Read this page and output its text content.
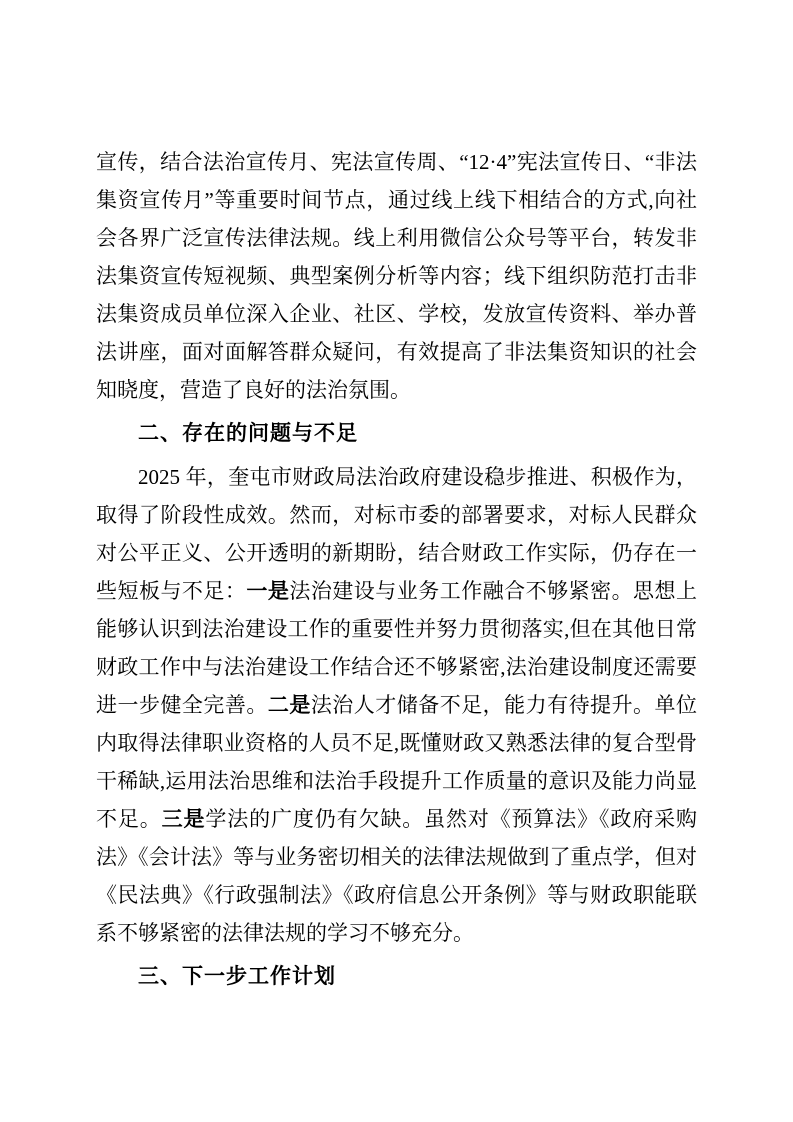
宣传，结合法治宣传月、宪法宣传周、“12·4”宪法宣传日、“非法集资宣传月”等重要时间节点，通过线上线下相结合的方式,向社会各界广泛宣传法律法规。线上利用微信公众号等平台，转发非法集资宣传短视频、典型案例分析等内容；线下组织防范打击非法集资成员单位深入企业、社区、学校，发放宣传资料、举办普法讲座，面对面解答群众疑问，有效提高了非法集资知识的社会知晓度，营造了良好的法治氛围。

二、存在的问题与不足

2025 年，奎屯市财政局法治政府建设稳步推进、积极作为，取得了阶段性成效。然而，对标市委的部署要求，对标人民群众对公平正义、公开透明的新期盼，结合财政工作实际，仍存在一些短板与不足：一是法治建设与业务工作融合不够紧密。思想上能够认识到法治建设工作的重要性并努力贯彻落实,但在其他日常财政工作中与法治建设工作结合还不够紧密,法治建设制度还需要进一步健全完善。二是法治人才储备不足，能力有待提升。单位内取得法律职业资格的人员不足,既懂财政又熟悉法律的复合型骨干稀缺,运用法治思维和法治手段提升工作质量的意识及能力尚显不足。三是学法的广度仍有欠缺。虽然对《预算法》《政府采购法》《会计法》等与业务密切相关的法律法规做到了重点学，但对《民法典》《行政强制法》《政府信息公开条例》等与财政职能联系不够紧密的法律法规的学习不够充分。

三、下一步工作计划
